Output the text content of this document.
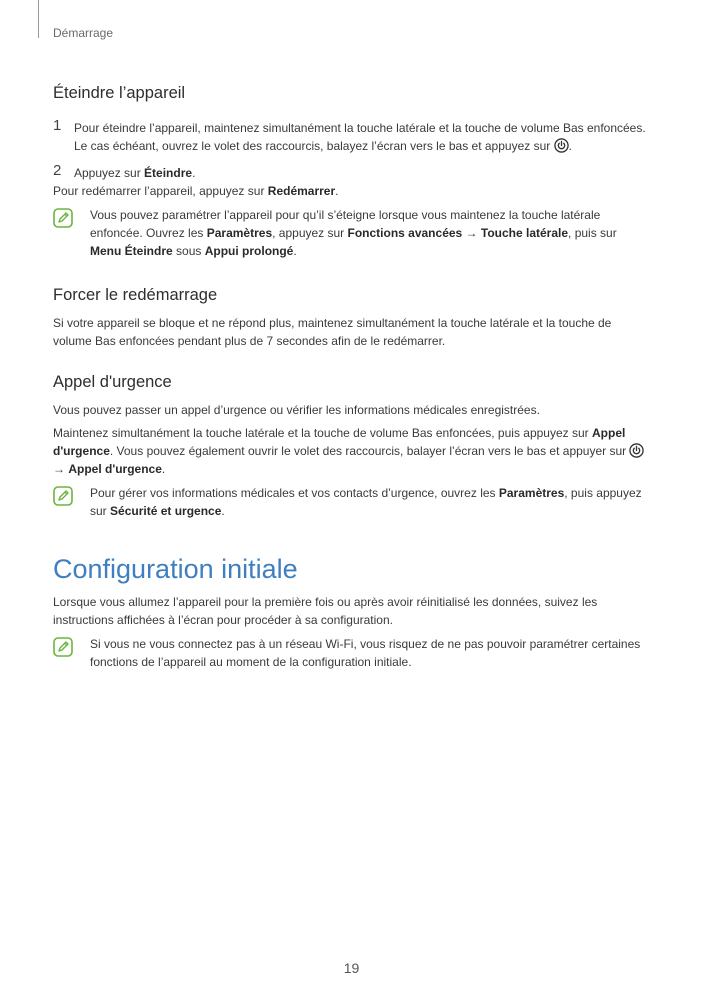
Démarrage
Éteindre l’appareil
1 Pour éteindre l’appareil, maintenez simultanément la touche latérale et la touche de volume Bas enfoncées. Le cas échéant, ouvrez le volet des raccourcis, balayez l’écran vers le bas et appuyez sur .

2 Appuyez sur Éteindre.

Pour redémarrer l’appareil, appuyez sur Redémarrer.

Vous pouvez paramétrer l’appareil pour qu’il s’éteigne lorsque vous maintenez la touche latérale enfoncée. Ouvrez les Paramètres, appuyez sur Fonctions avancées → Touche latérale, puis sur Menu Éteindre sous Appui prolongé.

Forcer le redémarrage

Si votre appareil se bloque et ne répond plus, maintenez simultanément la touche latérale et la touche de volume Bas enfoncées pendant plus de 7 secondes afin de le redémarrer.

Appel d'urgence

Vous pouvez passer un appel d’urgence ou vérifier les informations médicales enregistrées.

Maintenez simultanément la touche latérale et la touche de volume Bas enfoncées, puis appuyez sur Appel d'urgence. Vous pouvez également ouvrir le volet des raccourcis, balayer l’écran vers le bas et appuyer sur  → Appel d'urgence.

Pour gérer vos informations médicales et vos contacts d’urgence, ouvrez les Paramètres, puis appuyez sur Sécurité et urgence.

Configuration initiale

Lorsque vous allumez l’appareil pour la première fois ou après avoir réinitialisé les données, suivez les instructions affichées à l’écran pour procéder à sa configuration.

Si vous ne vous connectez pas à un réseau Wi-Fi, vous risquez de ne pas pouvoir paramétrer certaines fonctions de l’appareil au moment de la configuration initiale.

19
